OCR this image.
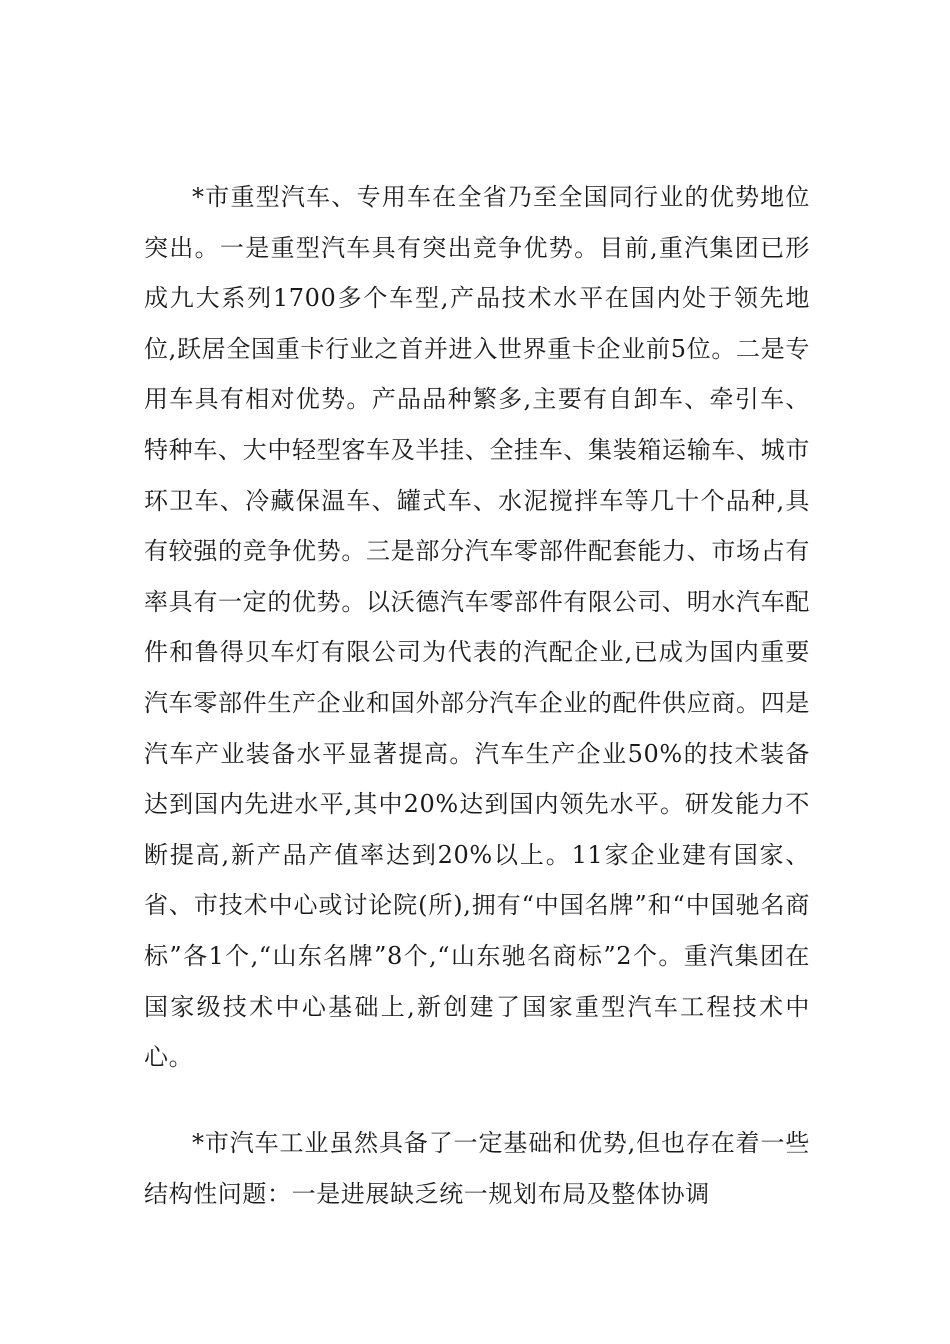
*市重型汽车、专用车在全省乃至全国同行业的优势地位突出。一是重型汽车具有突出竞争优势。目前,重汽集团已形成九大系列1700多个车型,产品技术水平在国内处于领先地位,跃居全国重卡行业之首并进入世界重卡企业前5位。二是专用车具有相对优势。产品品种繁多,主要有自卸车、牵引车、特种车、大中轻型客车及半挂、全挂车、集装箱运输车、城市环卫车、冷藏保温车、罐式车、水泥搅拌车等几十个品种,具有较强的竞争优势。三是部分汽车零部件配套能力、市场占有率具有一定的优势。以沃德汽车零部件有限公司、明水汽车配件和鲁得贝车灯有限公司为代表的汽配企业,已成为国内重要汽车零部件生产企业和国外部分汽车企业的配件供应商。四是汽车产业装备水平显著提高。汽车生产企业50%的技术装备达到国内先进水平,其中20%达到国内领先水平。研发能力不断提高,新产品产值率达到20%以上。11家企业建有国家、省、市技术中心或讨论院(所),拥有“中国名牌”和“中国驰名商标”各1个,“山东名牌”8个,“山东驰名商标”2个。重汽集团在国家级技术中心基础上,新创建了国家重型汽车工程技术中心。

*市汽车工业虽然具备了一定基础和优势,但也存在着一些结构性问题：一是进展缺乏统一规划布局及整体协调
